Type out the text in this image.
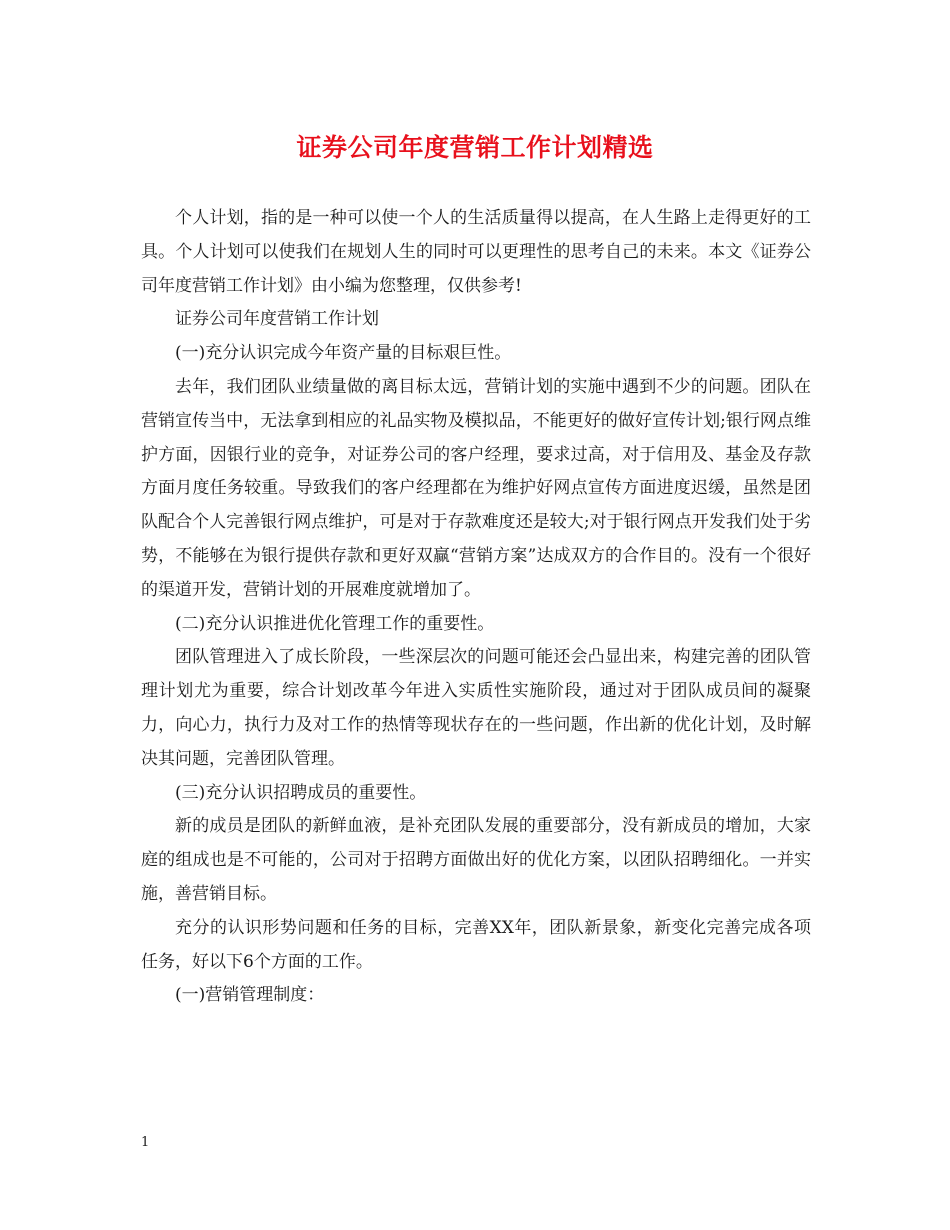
证券公司年度营销工作计划精选

个人计划，指的是一种可以使一个人的生活质量得以提高，在人生路上走得更好的工具。个人计划可以使我们在规划人生的同时可以更理性的思考自己的未来。本文《证券公司年度营销工作计划》由小编为您整理，仅供参考!

证券公司年度营销工作计划

(一)充分认识完成今年资产量的目标艰巨性。

去年，我们团队业绩量做的离目标太远，营销计划的实施中遇到不少的问题。团队在营销宣传当中，无法拿到相应的礼品实物及模拟品，不能更好的做好宣传计划;银行网点维护方面，因银行业的竞争，对证券公司的客户经理，要求过高，对于信用及、基金及存款方面月度任务较重。导致我们的客户经理都在为维护好网点宣传方面进度迟缓，虽然是团队配合个人完善银行网点维护，可是对于存款难度还是较大;对于银行网点开发我们处于劣势，不能够在为银行提供存款和更好双赢“营销方案”达成双方的合作目的。没有一个很好的渠道开发，营销计划的开展难度就增加了。

(二)充分认识推进优化管理工作的重要性。

团队管理进入了成长阶段，一些深层次的问题可能还会凸显出来，构建完善的团队管理计划尤为重要，综合计划改革今年进入实质性实施阶段，通过对于团队成员间的凝聚力，向心力，执行力及对工作的热情等现状存在的一些问题，作出新的优化计划，及时解决其问题，完善团队管理。

(三)充分认识招聘成员的重要性。

新的成员是团队的新鲜血液，是补充团队发展的重要部分，没有新成员的增加，大家庭的组成也是不可能的，公司对于招聘方面做出好的优化方案，以团队招聘细化。一并实施，善营销目标。

充分的认识形势问题和任务的目标，完善XX年，团队新景象，新变化完善完成各项任务，好以下6个方面的工作。

(一)营销管理制度：

1
